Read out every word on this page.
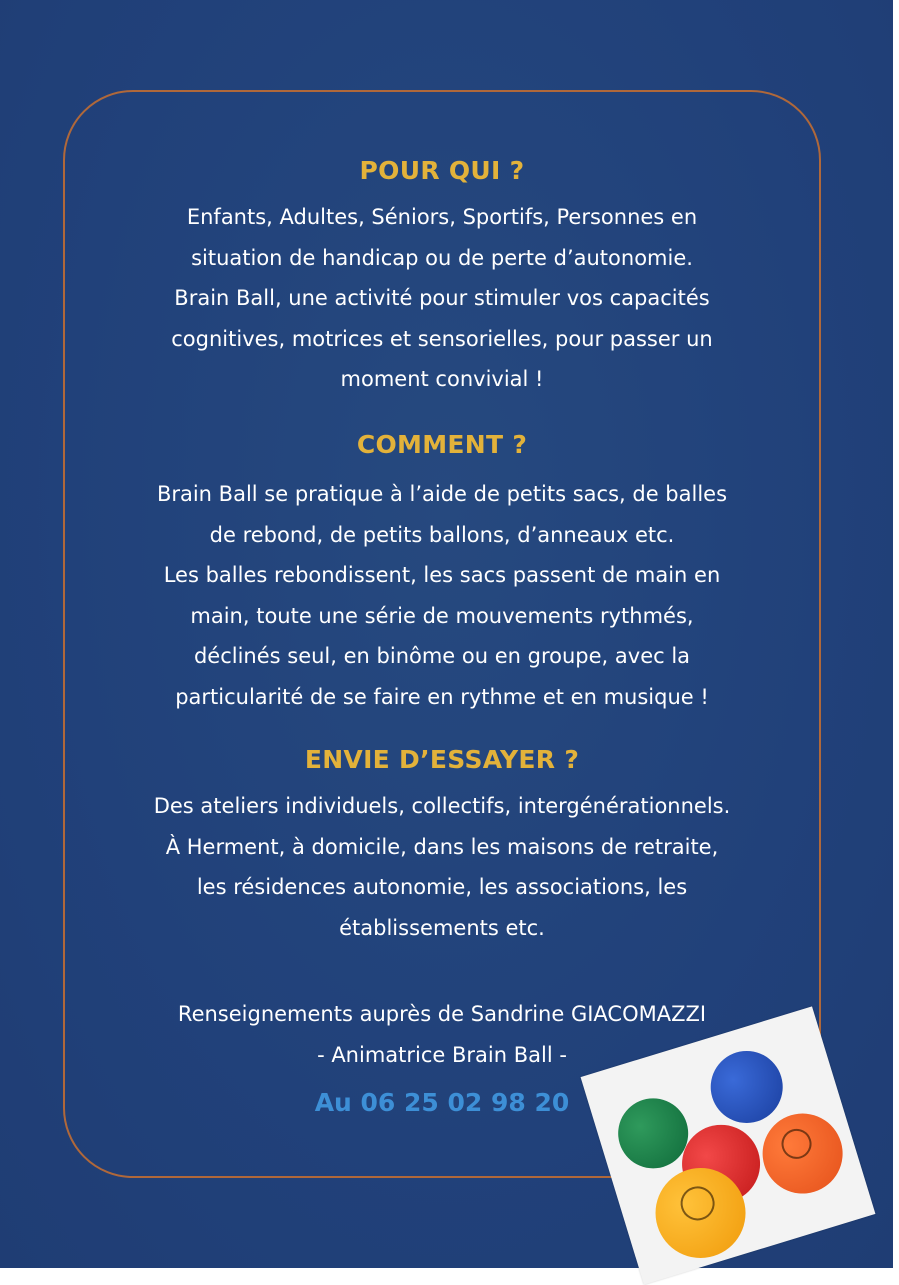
POUR QUI ?
Enfants, Adultes, Séniors, Sportifs, Personnes en
situation de handicap ou de perte d’autonomie.
Brain Ball, une activité pour stimuler vos capacités
cognitives, motrices et sensorielles, pour passer un
moment convivial !
COMMENT ?
Brain Ball se pratique à l’aide de petits sacs, de balles
de rebond, de petits ballons, d’anneaux etc.
Les balles rebondissent, les sacs passent de main en
main, toute une série de mouvements rythmés,
déclinés seul, en binôme ou en groupe, avec la
particularité de se faire en rythme et en musique !
ENVIE D’ESSAYER ?
Des ateliers individuels, collectifs, intergénérationnels.
À Herment, à domicile, dans les maisons de retraite,
les résidences autonomie, les associations, les
établissements etc.
Renseignements auprès de Sandrine GIACOMAZZI
- Animatrice Brain Ball -

Au 06 25 02 98 20
